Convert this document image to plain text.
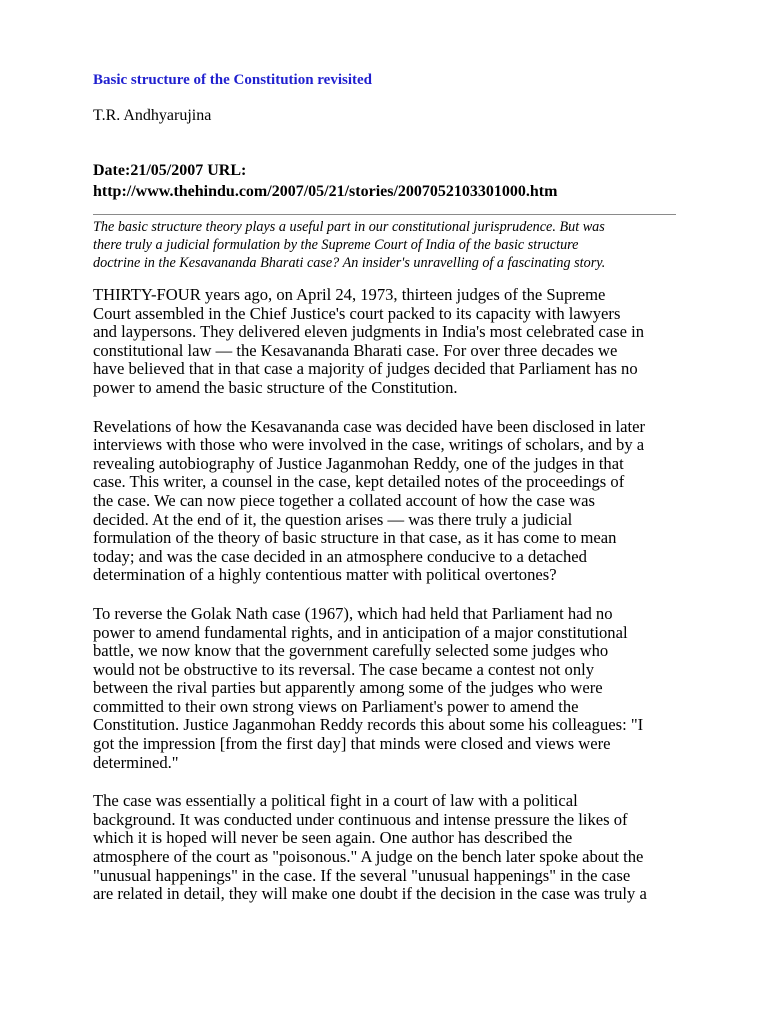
Basic structure of the Constitution revisited
T.R. Andhyarujina
Date:21/05/2007 URL:
http://www.thehindu.com/2007/05/21/stories/2007052103301000.htm
The basic structure theory plays a useful part in our constitutional jurisprudence. But was
there truly a judicial formulation by the Supreme Court of India of the basic structure
doctrine in the Kesavananda Bharati case? An insider's unravelling of a fascinating story.

THIRTY-FOUR years ago, on April 24, 1973, thirteen judges of the Supreme
Court assembled in the Chief Justice's court packed to its capacity with lawyers
and laypersons. They delivered eleven judgments in India's most celebrated case in
constitutional law — the Kesavananda Bharati case. For over three decades we
have believed that in that case a majority of judges decided that Parliament has no
power to amend the basic structure of the Constitution.

Revelations of how the Kesavananda case was decided have been disclosed in later
interviews with those who were involved in the case, writings of scholars, and by a
revealing autobiography of Justice Jaganmohan Reddy, one of the judges in that
case. This writer, a counsel in the case, kept detailed notes of the proceedings of
the case. We can now piece together a collated account of how the case was
decided. At the end of it, the question arises — was there truly a judicial
formulation of the theory of basic structure in that case, as it has come to mean
today; and was the case decided in an atmosphere conducive to a detached
determination of a highly contentious matter with political overtones?

To reverse the Golak Nath case (1967), which had held that Parliament had no
power to amend fundamental rights, and in anticipation of a major constitutional
battle, we now know that the government carefully selected some judges who
would not be obstructive to its reversal. The case became a contest not only
between the rival parties but apparently among some of the judges who were
committed to their own strong views on Parliament's power to amend the
Constitution. Justice Jaganmohan Reddy records this about some his colleagues: "I
got the impression [from the first day] that minds were closed and views were
determined."

The case was essentially a political fight in a court of law with a political
background. It was conducted under continuous and intense pressure the likes of
which it is hoped will never be seen again. One author has described the
atmosphere of the court as "poisonous." A judge on the bench later spoke about the
"unusual happenings" in the case. If the several "unusual happenings" in the case
are related in detail, they will make one doubt if the decision in the case was truly a
